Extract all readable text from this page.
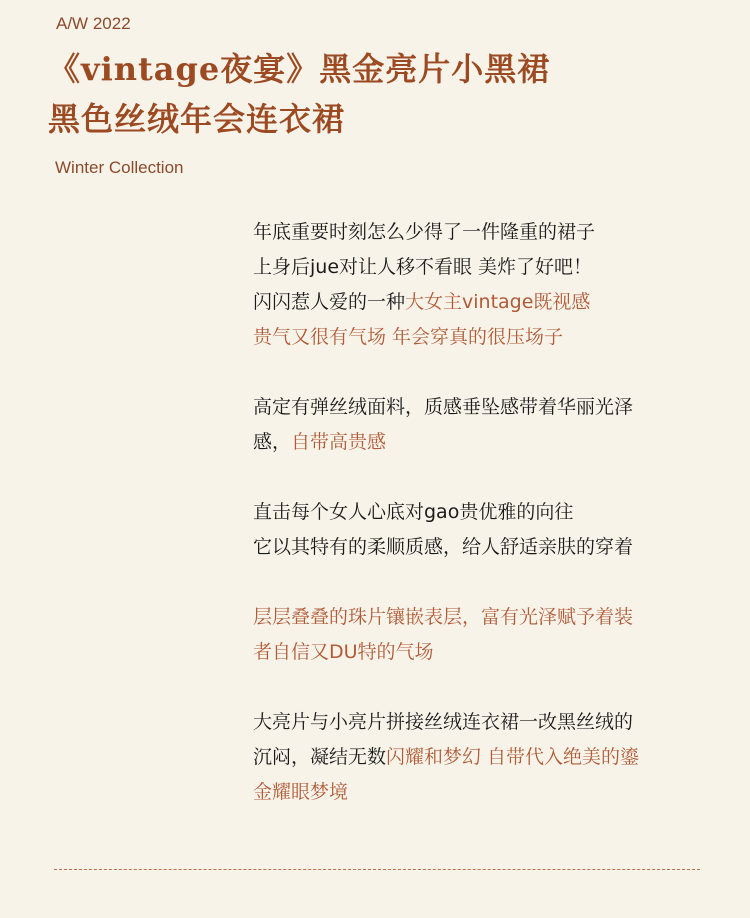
A/W 2022
《vintage夜宴》黑金亮片小黑裙
黑色丝绒年会连衣裙
Winter Collection
年底重要时刻怎么少得了一件隆重的裙子
上身后jue对让人移不看眼 美炸了好吧！
闪闪惹人爱的一种大女主vintage既视感
贵气又很有气场 年会穿真的很压场子
高定有弹丝绒面料，质感垂坠感带着华丽光泽
感，自带高贵感
直击每个女人心底对gao贵优雅的向往
它以其特有的柔顺质感，给人舒适亲肤的穿着
层层叠叠的珠片镶嵌表层，富有光泽赋予着装
者自信又DU特的气场
大亮片与小亮片拼接丝绒连衣裙一改黑丝绒的
沉闷，凝结无数闪耀和梦幻 自带代入绝美的鎏
金耀眼梦境
